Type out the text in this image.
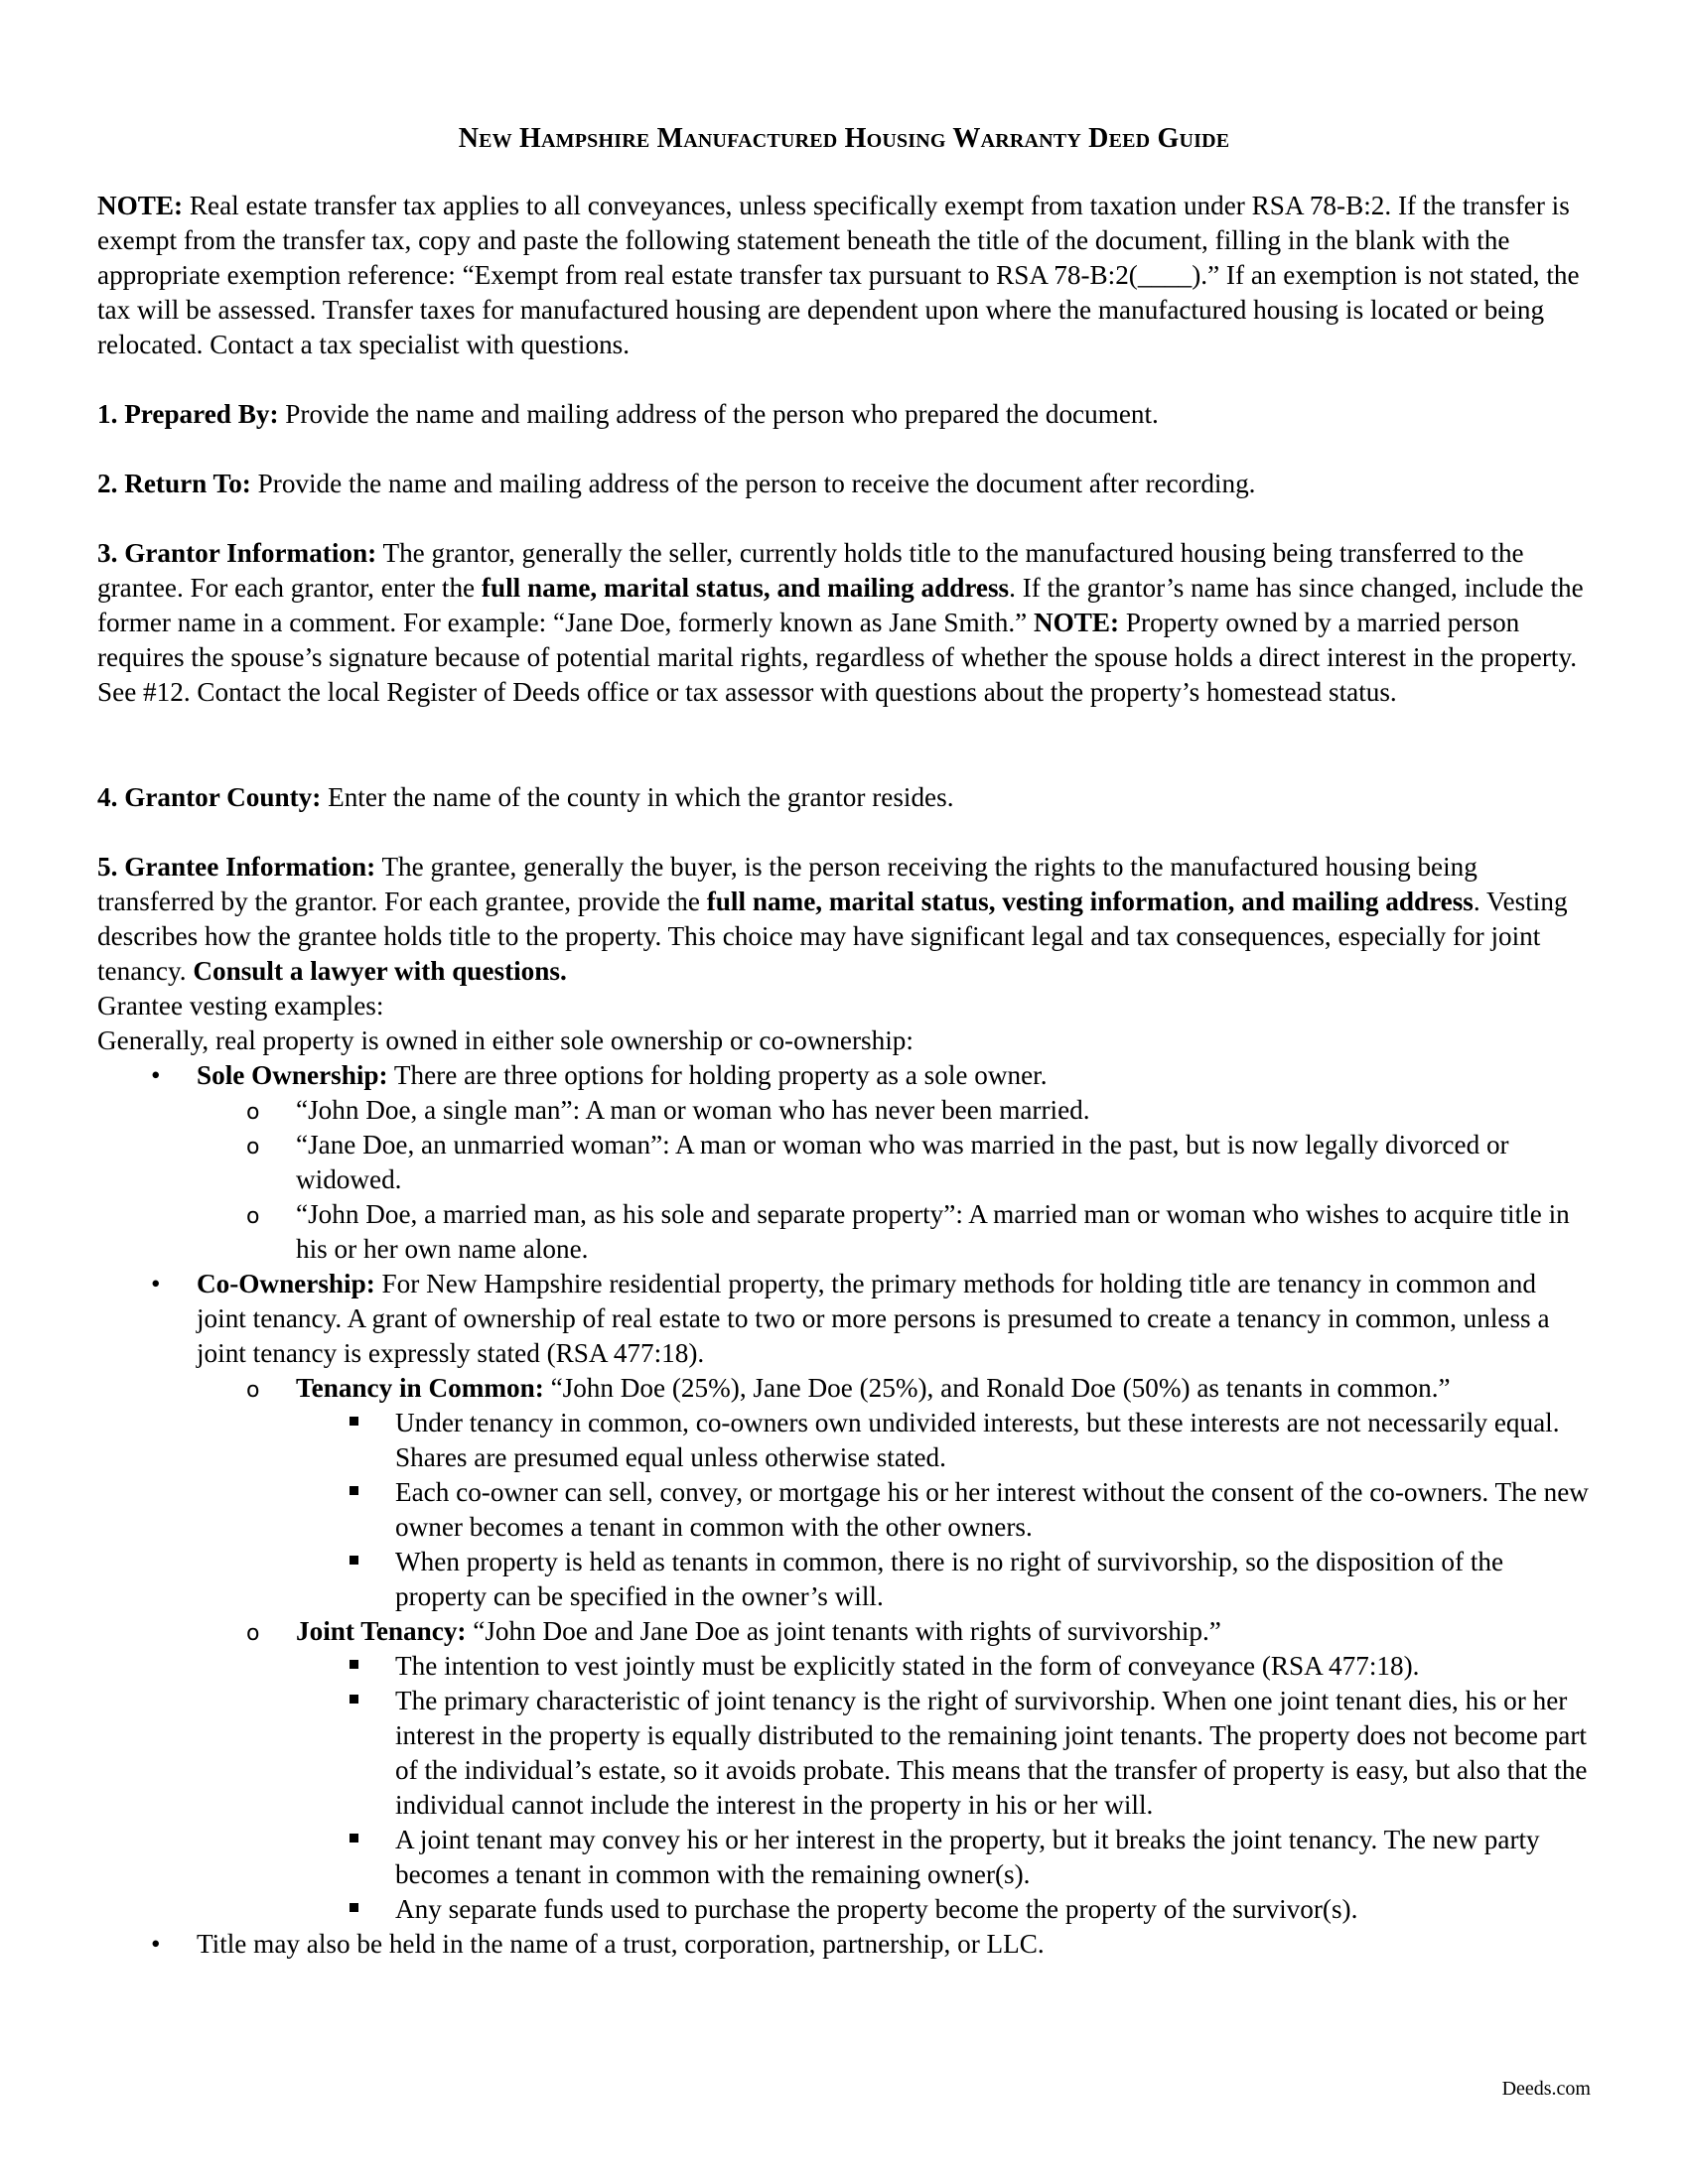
New Hampshire Manufactured Housing Warranty Deed Guide

NOTE: Real estate transfer tax applies to all conveyances, unless specifically exempt from taxation under RSA 78-B:2. If the transfer is exempt from the transfer tax, copy and paste the following statement beneath the title of the document, filling in the blank with the appropriate exemption reference: “Exempt from real estate transfer tax pursuant to RSA 78-B:2(____).” If an exemption is not stated, the tax will be assessed. Transfer taxes for manufactured housing are dependent upon where the manufactured housing is located or being relocated. Contact a tax specialist with questions.

1. Prepared By: Provide the name and mailing address of the person who prepared the document.

2. Return To: Provide the name and mailing address of the person to receive the document after recording.

3. Grantor Information: The grantor, generally the seller, currently holds title to the manufactured housing being transferred to the grantee. For each grantor, enter the full name, marital status, and mailing address. If the grantor’s name has since changed, include the former name in a comment. For example: “Jane Doe, formerly known as Jane Smith.” NOTE: Property owned by a married person requires the spouse’s signature because of potential marital rights, regardless of whether the spouse holds a direct interest in the property. See #12. Contact the local Register of Deeds office or tax assessor with questions about the property’s homestead status.

4. Grantor County: Enter the name of the county in which the grantor resides.

5. Grantee Information: The grantee, generally the buyer, is the person receiving the rights to the manufactured housing being transferred by the grantor. For each grantee, provide the full name, marital status, vesting information, and mailing address. Vesting describes how the grantee holds title to the property. This choice may have significant legal and tax consequences, especially for joint tenancy. Consult a lawyer with questions.

Grantee vesting examples:

Generally, real property is owned in either sole ownership or co-ownership:

• Sole Ownership: There are three options for holding property as a sole owner.
o “John Doe, a single man”: A man or woman who has never been married.
o “Jane Doe, an unmarried woman”: A man or woman who was married in the past, but is now legally divorced or widowed.
o “John Doe, a married man, as his sole and separate property”: A married man or woman who wishes to acquire title in his or her own name alone.
• Co-Ownership: For New Hampshire residential property, the primary methods for holding title are tenancy in common and joint tenancy. A grant of ownership of real estate to two or more persons is presumed to create a tenancy in common, unless a joint tenancy is expressly stated (RSA 477:18).
o Tenancy in Common: “John Doe (25%), Jane Doe (25%), and Ronald Doe (50%) as tenants in common.”
Under tenancy in common, co-owners own undivided interests, but these interests are not necessarily equal. Shares are presumed equal unless otherwise stated.
Each co-owner can sell, convey, or mortgage his or her interest without the consent of the co-owners. The new owner becomes a tenant in common with the other owners.
When property is held as tenants in common, there is no right of survivorship, so the disposition of the property can be specified in the owner’s will.
o Joint Tenancy: “John Doe and Jane Doe as joint tenants with rights of survivorship.”
The intention to vest jointly must be explicitly stated in the form of conveyance (RSA 477:18).
The primary characteristic of joint tenancy is the right of survivorship. When one joint tenant dies, his or her interest in the property is equally distributed to the remaining joint tenants. The property does not become part of the individual’s estate, so it avoids probate. This means that the transfer of property is easy, but also that the individual cannot include the interest in the property in his or her will.
A joint tenant may convey his or her interest in the property, but it breaks the joint tenancy. The new party becomes a tenant in common with the remaining owner(s).
Any separate funds used to purchase the property become the property of the survivor(s).
• Title may also be held in the name of a trust, corporation, partnership, or LLC.
Deeds.com
